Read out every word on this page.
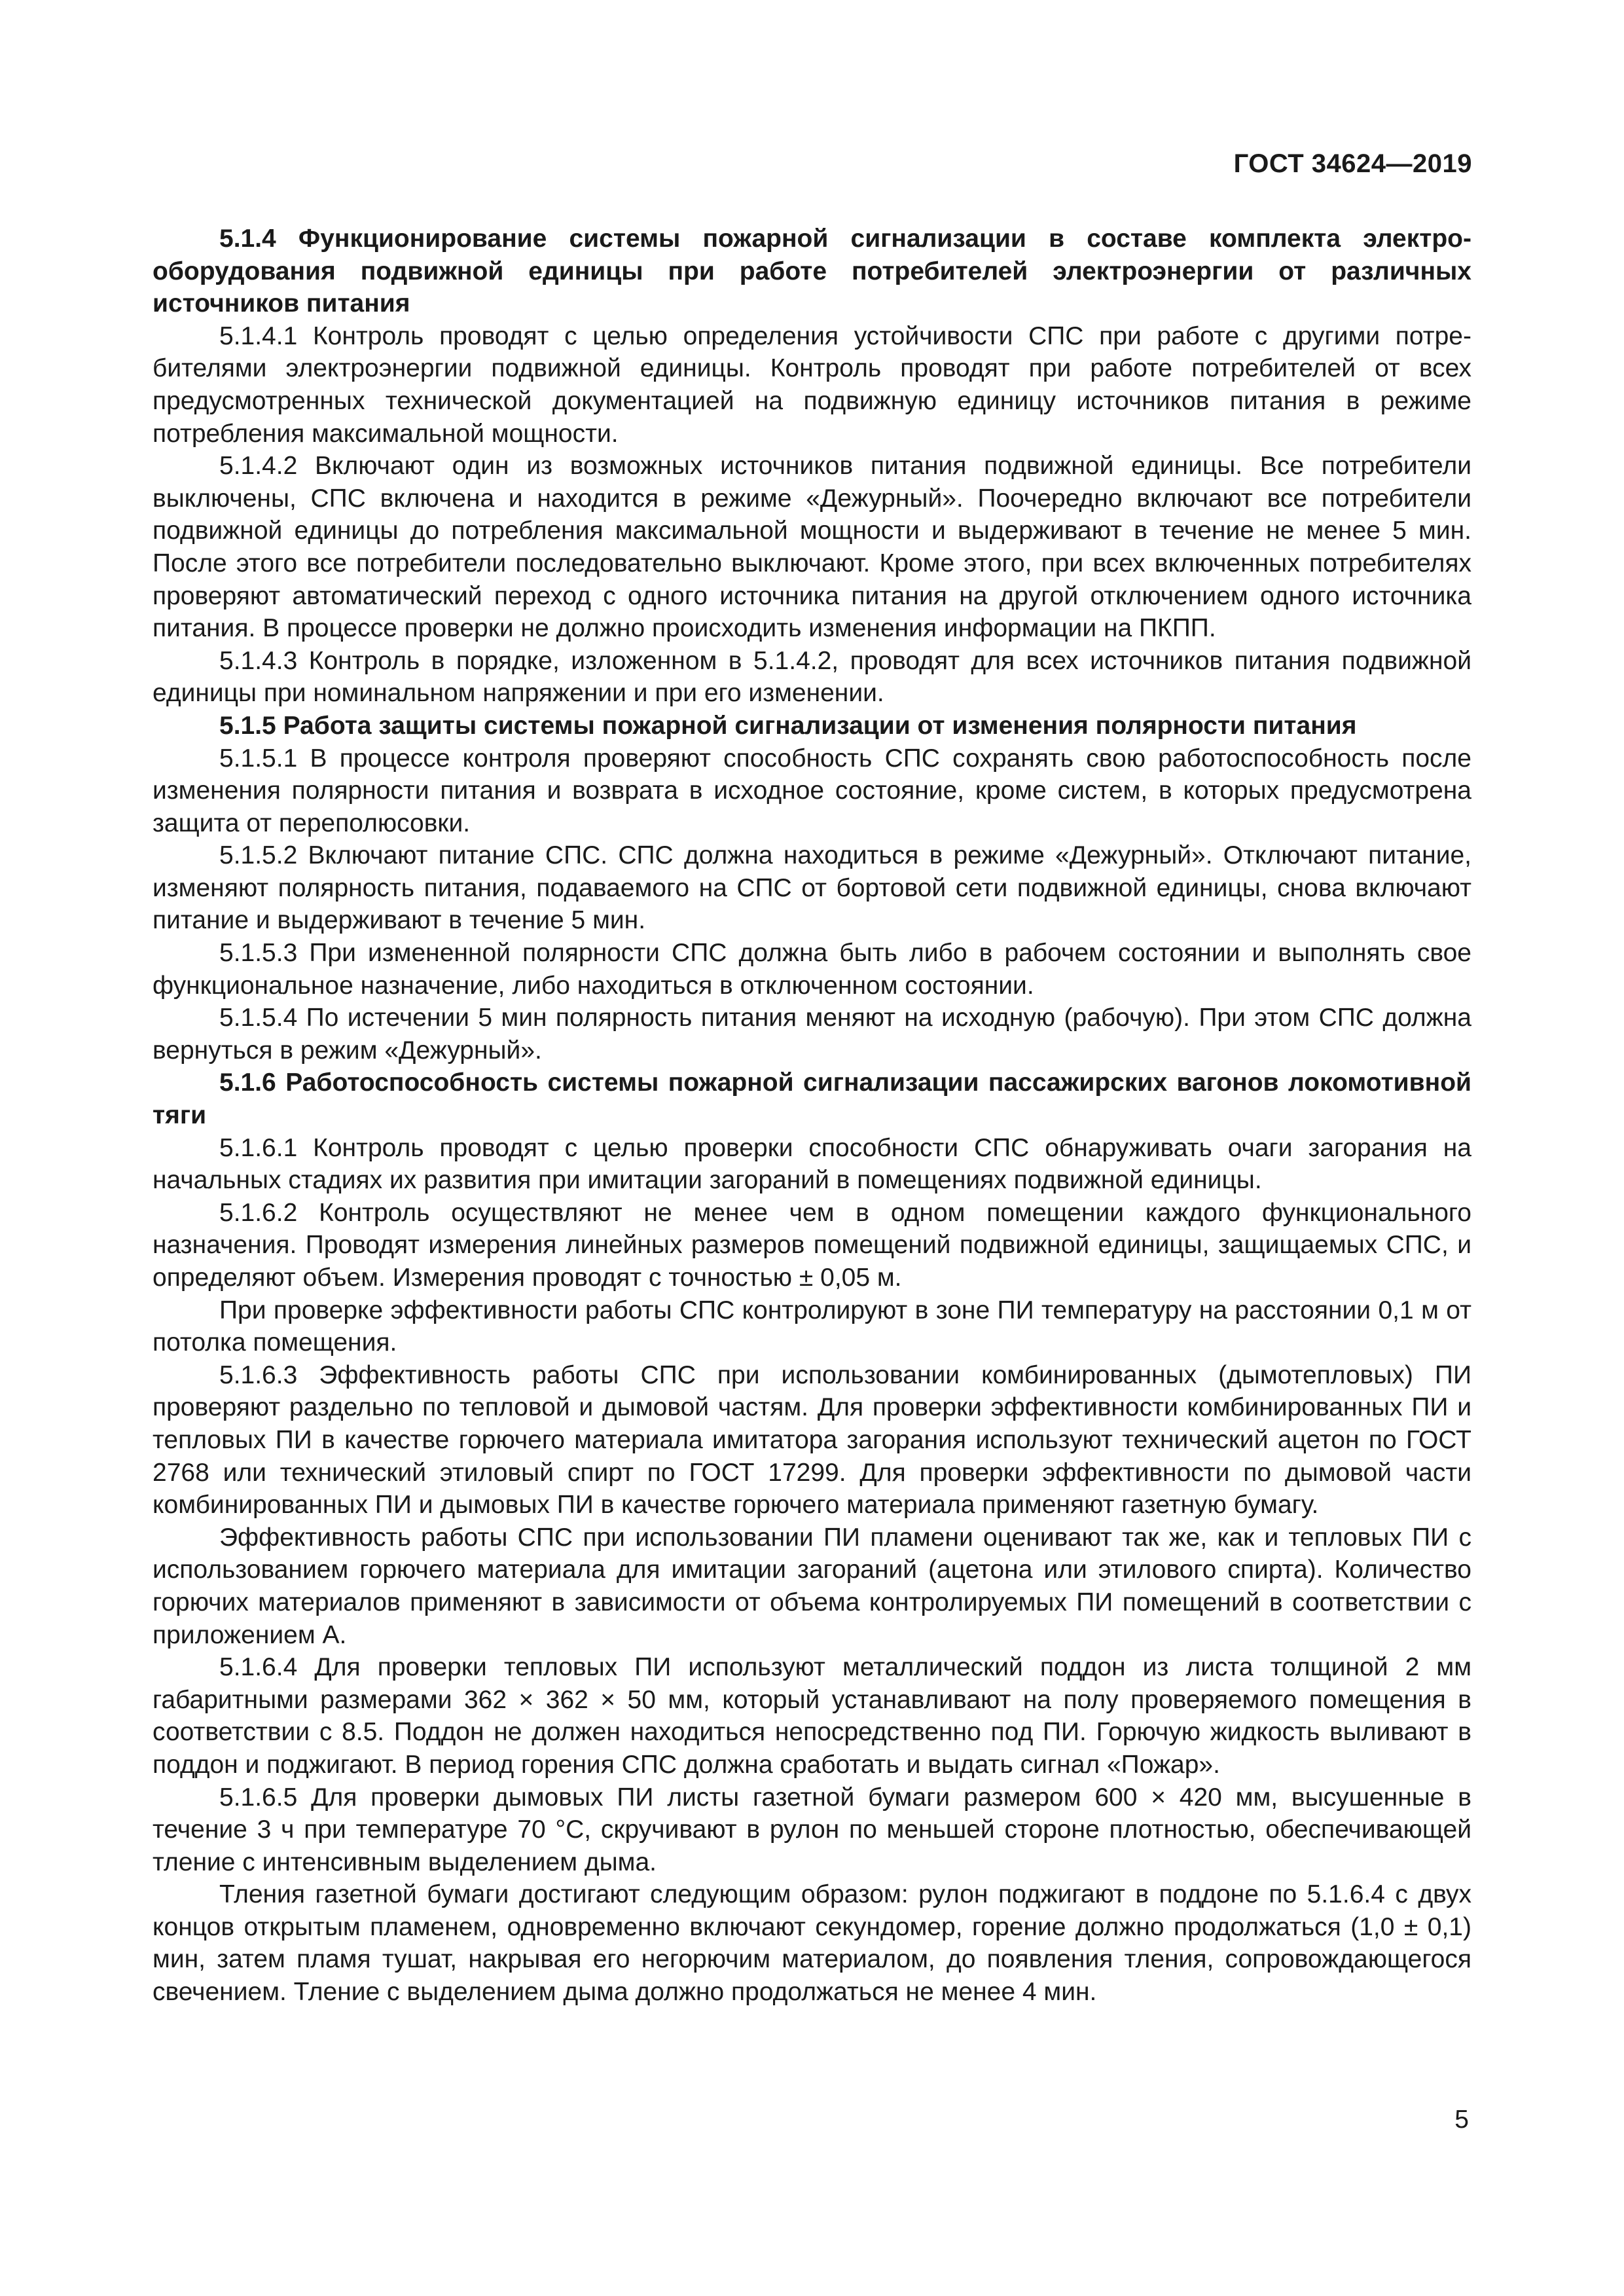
ГОСТ 34624—2019

5.1.4 Функционирование системы пожарной сигнализации в составе комплекта электрооборудования подвижной единицы при работе потребителей электроэнергии от различных источников питания

5.1.4.1 Контроль проводят с целью определения устойчивости СПС при работе с другими потребителями электроэнергии подвижной единицы. Контроль проводят при работе потребителей от всех предусмотренных технической документацией на подвижную единицу источников питания в режиме потребления максимальной мощности.

5.1.4.2 Включают один из возможных источников питания подвижной единицы. Все потребители выключены, СПС включена и находится в режиме «Дежурный». Поочередно включают все потребители подвижной единицы до потребления максимальной мощности и выдерживают в течение не менее 5 мин. После этого все потребители последовательно выключают. Кроме этого, при всех включенных потребителях проверяют автоматический переход с одного источника питания на другой отключением одного источника питания. В процессе проверки не должно происходить изменения информации на ПКПП.

5.1.4.3 Контроль в порядке, изложенном в 5.1.4.2, проводят для всех источников питания подвижной единицы при номинальном напряжении и при его изменении.

5.1.5 Работа защиты системы пожарной сигнализации от изменения полярности питания

5.1.5.1 В процессе контроля проверяют способность СПС сохранять свою работоспособность после изменения полярности питания и возврата в исходное состояние, кроме систем, в которых предусмотрена защита от переполюсовки.

5.1.5.2 Включают питание СПС. СПС должна находиться в режиме «Дежурный». Отключают питание, изменяют полярность питания, подаваемого на СПС от бортовой сети подвижной единицы, снова включают питание и выдерживают в течение 5 мин.

5.1.5.3 При измененной полярности СПС должна быть либо в рабочем состоянии и выполнять свое функциональное назначение, либо находиться в отключенном состоянии.

5.1.5.4 По истечении 5 мин полярность питания меняют на исходную (рабочую). При этом СПС должна вернуться в режим «Дежурный».

5.1.6 Работоспособность системы пожарной сигнализации пассажирских вагонов локомотивной тяги

5.1.6.1 Контроль проводят с целью проверки способности СПС обнаруживать очаги загорания на начальных стадиях их развития при имитации загораний в помещениях подвижной единицы.

5.1.6.2 Контроль осуществляют не менее чем в одном помещении каждого функционального назначения. Проводят измерения линейных размеров помещений подвижной единицы, защищаемых СПС, и определяют объем. Измерения проводят с точностью ± 0,05 м.

При проверке эффективности работы СПС контролируют в зоне ПИ температуру на расстоянии 0,1 м от потолка помещения.

5.1.6.3 Эффективность работы СПС при использовании комбинированных (дымотепловых) ПИ проверяют раздельно по тепловой и дымовой частям. Для проверки эффективности комбинированных ПИ и тепловых ПИ в качестве горючего материала имитатора загорания используют технический ацетон по ГОСТ 2768 или технический этиловый спирт по ГОСТ 17299. Для проверки эффективности по дымовой части комбинированных ПИ и дымовых ПИ в качестве горючего материала применяют газетную бумагу.

Эффективность работы СПС при использовании ПИ пламени оценивают так же, как и тепловых ПИ с использованием горючего материала для имитации загораний (ацетона или этилового спирта). Количество горючих материалов применяют в зависимости от объема контролируемых ПИ помещений в соответствии с приложением А.

5.1.6.4 Для проверки тепловых ПИ используют металлический поддон из листа толщиной 2 мм габаритными размерами 362 × 362 × 50 мм, который устанавливают на полу проверяемого помещения в соответствии с 8.5. Поддон не должен находиться непосредственно под ПИ. Горючую жидкость выливают в поддон и поджигают. В период горения СПС должна сработать и выдать сигнал «Пожар».

5.1.6.5 Для проверки дымовых ПИ листы газетной бумаги размером 600 × 420 мм, высушенные в течение 3 ч при температуре 70 °С, скручивают в рулон по меньшей стороне плотностью, обеспечивающей тление с интенсивным выделением дыма.

Тления газетной бумаги достигают следующим образом: рулон поджигают в поддоне по 5.1.6.4 с двух концов открытым пламенем, одновременно включают секундомер, горение должно продолжаться (1,0 ± 0,1) мин, затем пламя тушат, накрывая его негорючим материалом, до появления тления, сопровождающегося свечением. Тление с выделением дыма должно продолжаться не менее 4 мин.

5
